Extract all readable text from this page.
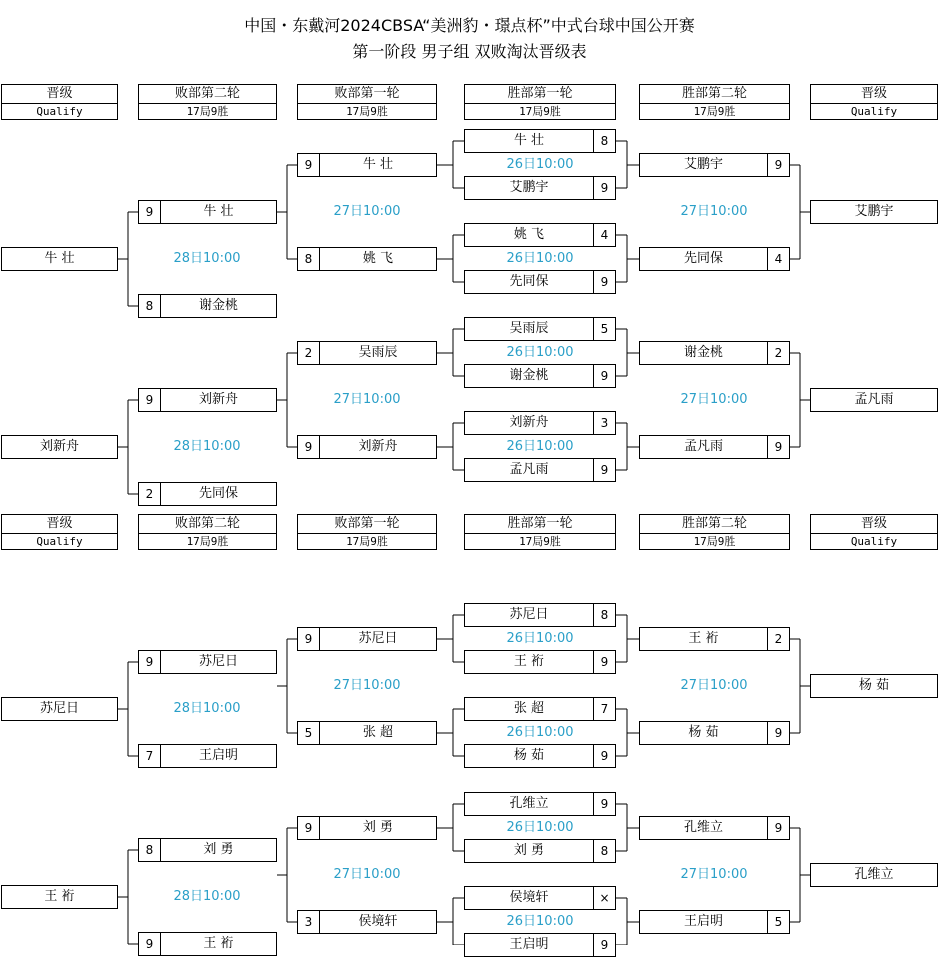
中国・东戴河2024CBSA“美洲豹・璟点杯”中式台球中国公开赛
第一阶段 男子组 双败淘汰晋级表
晋级
Qualify
败部第二轮
17局9胜
败部第一轮
17局9胜
胜部第一轮
17局9胜
胜部第二轮
17局9胜
晋级
Qualify
8
牛 壮
9
艾鹏宇
4
姚 飞
9
先同保
26日10:00
26日10:00
9
艾鹏宇
4
先同保
27日10:00	艾鹏宇
9	牛 壮
8	姚 飞
27日10:00
5
吴雨辰
9
谢金桃
3
刘新舟
9
孟凡雨
26日10:00
26日10:00
2
谢金桃
9
孟凡雨
27日10:00	孟凡雨
2	吴雨辰
9	刘新舟
27日10:00
9	牛 壮
8	谢金桃
28日10:00
牛 壮
9	刘新舟
2	先同保
28日10:00
刘新舟
晋级
Qualify
败部第二轮
17局9胜
败部第一轮
17局9胜
胜部第一轮
17局9胜
胜部第二轮
17局9胜
晋级
Qualify
8
苏尼日
9
王 裄
7
张 超
9
杨 茹
26日10:00
26日10:00
2
王 裄
9
杨 茹
27日10:00	杨 茹
9	苏尼日
5	张 超
27日10:00
9
孔维立
8
刘 勇
×
侯境轩
9
王启明
26日10:00
26日10:00
9
孔维立
5
王启明
27日10:00	孔维立
9	刘 勇
3	侯境轩
27日10:00
9	苏尼日
7	王启明
28日10:00
苏尼日
8	刘 勇
9	王 裄
28日10:00
王 裄
